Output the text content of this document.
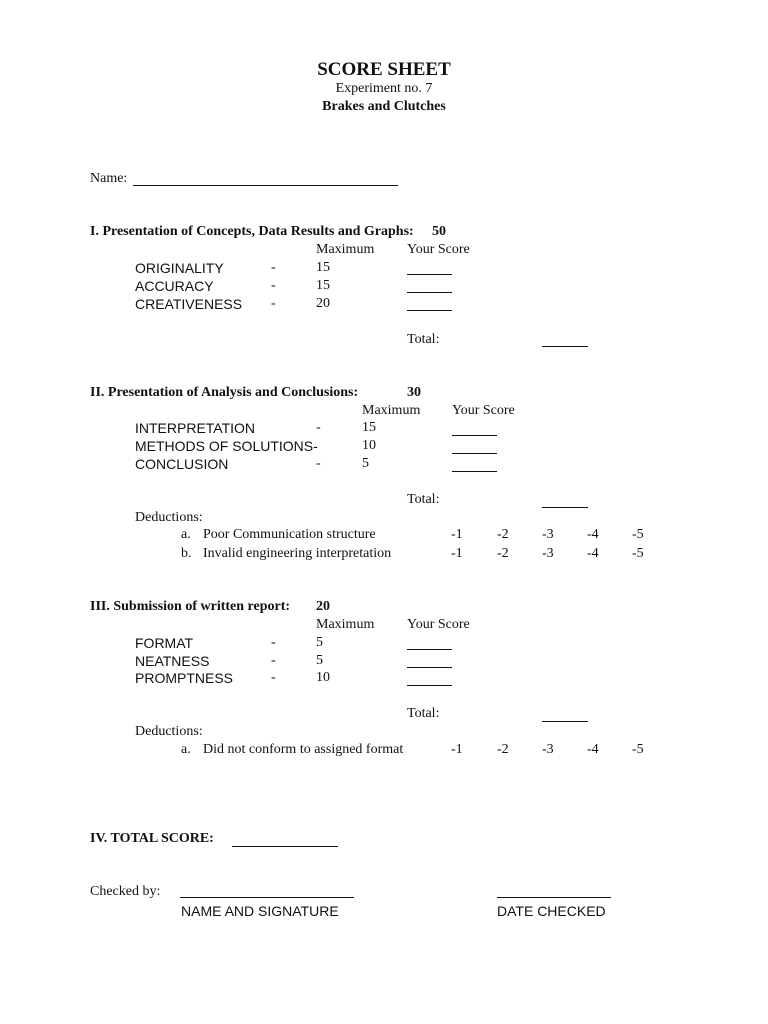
SCORE SHEET
Experiment no. 7
Brakes and Clutches
Name:
I. Presentation of Concepts, Data Results and Graphs: 50
Maximum Your Score
ORIGINALITY	-	15
ACCURACY	-	15
CREATIVENESS -	20
Total:
II. Presentation of Analysis and Conclusions:	30
Maximum Your Score
INTERPRETATION	-	15
METHODS OF SOLUTIONS-	10
CONCLUSION	-	5
Total:
Deductions:
a. Poor Communication structure	-1 -2 -3 -4 -5
b. Invalid engineering interpretation	-1 -2 -3 -4 -5
III. Submission of written report: 20
Maximum Your Score
FORMAT	-	5
NEATNESS	-	5
PROMPTNESS	-	10
Total:
Deductions:
a. Did not conform to assigned format	-1 -2 -3 -4 -5
IV. TOTAL SCORE:
Checked by:
NAME AND SIGNATURE	DATE CHECKED
